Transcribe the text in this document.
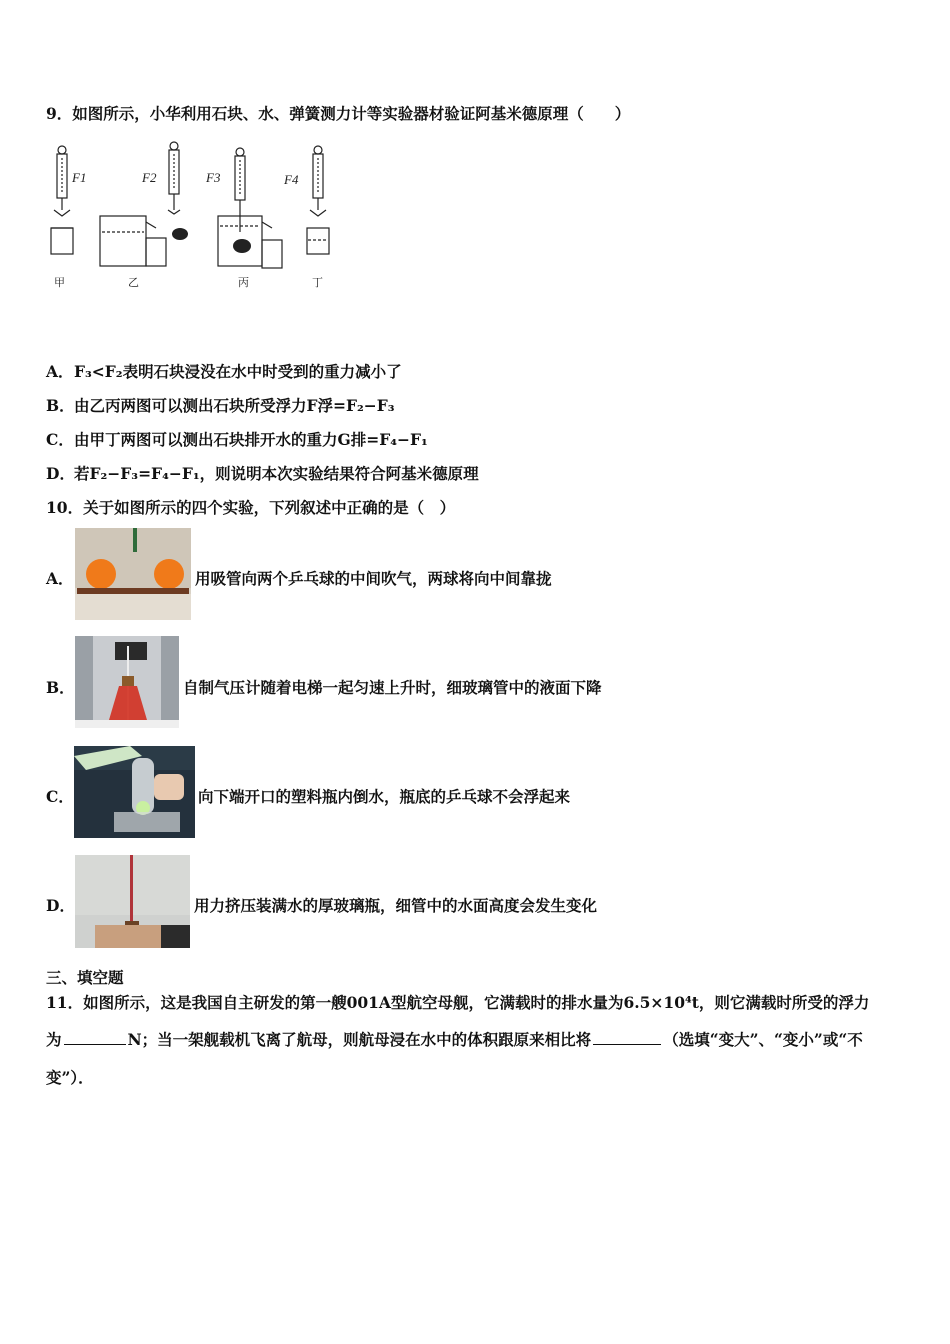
9．如图所示，小华利用石块、水、弹簧测力计等实验器材验证阿基米德原理（　　）
F1	F2	F3	F4
甲	乙	丙	丁
A． F₃<F₂表明石块浸没在水中时受到的重力减小了
B． 由乙丙两图可以测出石块所受浮力F浮=F₂−F₃
C． 由甲丁两图可以测出石块排开水的重力G排=F₄−F₁
D． 若F₂−F₃=F₄−F₁，则说明本次实验结果符合阿基米德原理
10．关于如图所示的四个实验，下列叙述中正确的是（　）
A．	用吸管向两个乒乓球的中间吹气，两球将向中间靠拢
B．	自制气压计随着电梯一起匀速上升时，细玻璃管中的液面下降
C．	向下端开口的塑料瓶内倒水，瓶底的乒乓球不会浮起来
D．	用力挤压装满水的厚玻璃瓶，细管中的水面高度会发生变化
三、填空题
11．如图所示，这是我国自主研发的第一艘001A型航空母舰，它满载时的排水量为6.5×10⁴t，则它满载时所受的浮力
为	N；当一架舰载机飞离了航母，则航母浸在水中的体积跟原来相比将	（选填“变大”、“变小”或“不
变”）．
